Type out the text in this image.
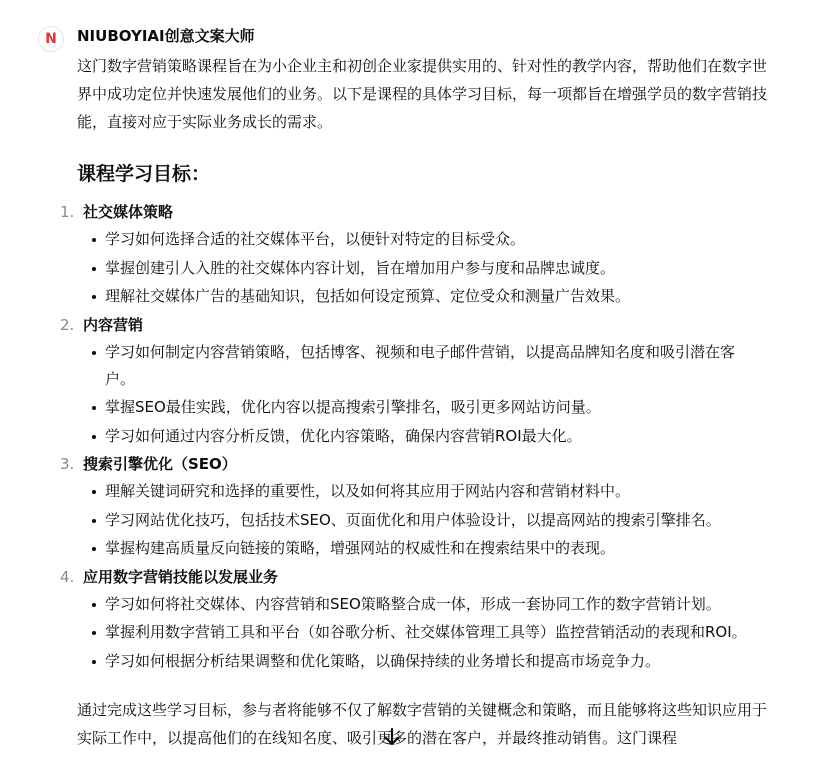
N NIUBOYIAI创意文案大师

这门数字营销策略课程旨在为小企业主和初创企业家提供实用的、针对性的教学内容，帮助他们在数字世界中成功定位并快速发展他们的业务。以下是课程的具体学习目标，每一项都旨在增强学员的数字营销技能，直接对应于实际业务成长的需求。

课程学习目标：
1. 社交媒体策略
学习如何选择合适的社交媒体平台，以便针对特定的目标受众。
掌握创建引人入胜的社交媒体内容计划，旨在增加用户参与度和品牌忠诚度。
理解社交媒体广告的基础知识，包括如何设定预算、定位受众和测量广告效果。
2. 内容营销
学习如何制定内容营销策略，包括博客、视频和电子邮件营销，以提高品牌知名度和吸引潜在客户。
掌握SEO最佳实践，优化内容以提高搜索引擎排名，吸引更多网站访问量。
学习如何通过内容分析反馈，优化内容策略，确保内容营销ROI最大化。
3. 搜索引擎优化（SEO）
理解关键词研究和选择的重要性，以及如何将其应用于网站内容和营销材料中。
学习网站优化技巧，包括技术SEO、页面优化和用户体验设计，以提高网站的搜索引擎排名。
掌握构建高质量反向链接的策略，增强网站的权威性和在搜索结果中的表现。
4. 应用数字营销技能以发展业务
学习如何将社交媒体、内容营销和SEO策略整合成一体，形成一套协同工作的数字营销计划。
掌握利用数字营销工具和平台（如谷歌分析、社交媒体管理工具等）监控营销活动的表现和ROI。
学习如何根据分析结果调整和优化策略，以确保持续的业务增长和提高市场竞争力。

通过完成这些学习目标，参与者将能够不仅了解数字营销的关键概念和策略，而且能够将这些知识应用于实际工作中，以提高他们的在线知名度、吸引更多的潜在客户，并最终推动销售。这门课程
